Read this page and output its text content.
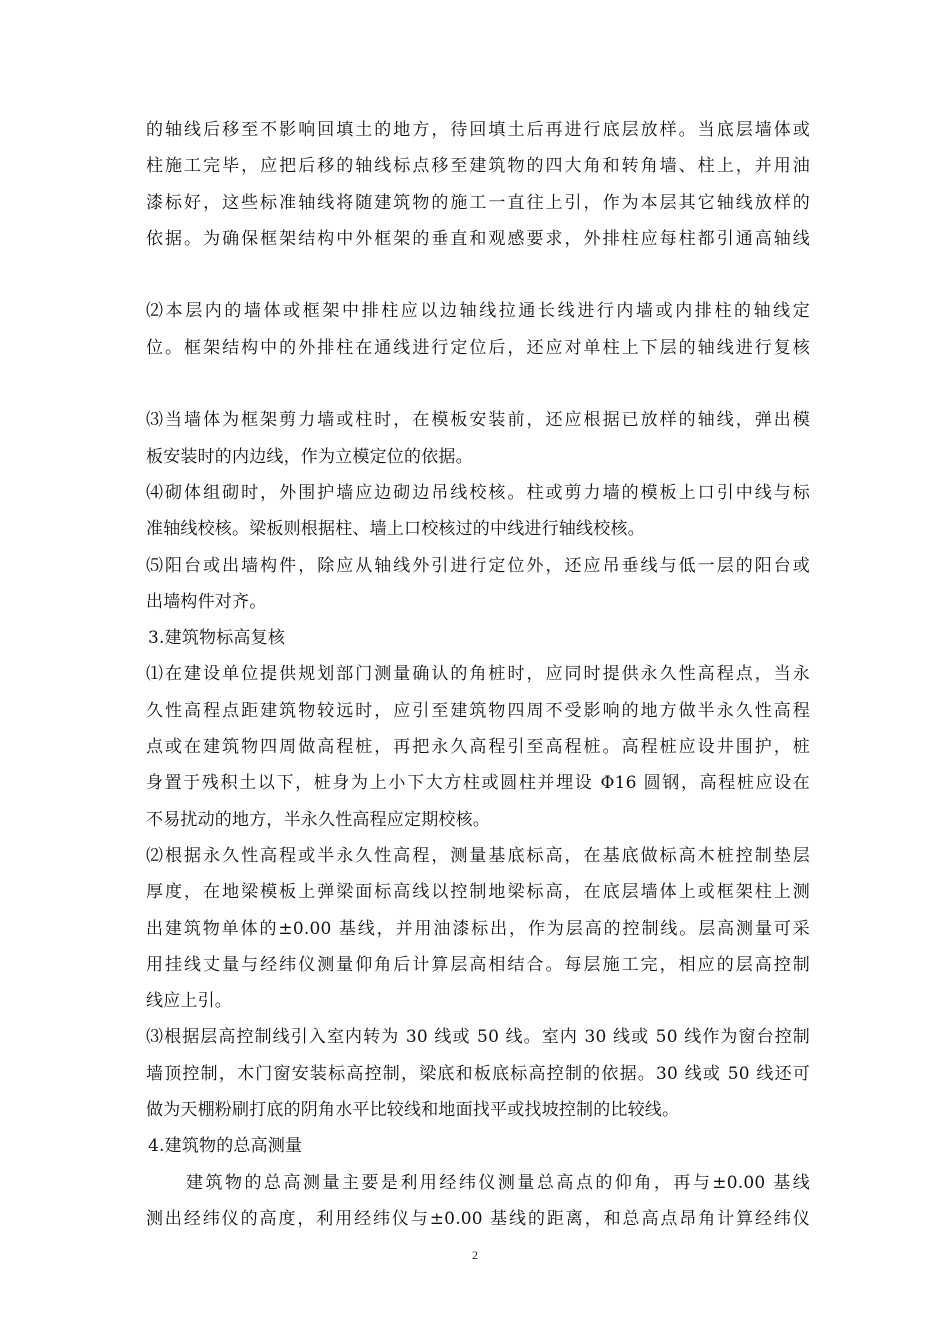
的轴线后移至不影响回填土的地方，待回填土后再进行底层放样。当底层墙体或
柱施工完毕，应把后移的轴线标点移至建筑物的四大角和转角墙、柱上，并用油
漆标好，这些标准轴线将随建筑物的施工一直往上引，作为本层其它轴线放样的
依据。为确保框架结构中外框架的垂直和观感要求，外排柱应每柱都引通高轴线
⑵本层内的墙体或框架中排柱应以边轴线拉通长线进行内墙或内排柱的轴线定
位。框架结构中的外排柱在通线进行定位后，还应对单柱上下层的轴线进行复核
⑶当墙体为框架剪力墙或柱时，在模板安装前，还应根据已放样的轴线，弹出模
板安装时的内边线，作为立模定位的依据。
⑷砌体组砌时，外围护墙应边砌边吊线校核。柱或剪力墙的模板上口引中线与标
准轴线校核。梁板则根据柱、墙上口校核过的中线进行轴线校核。
⑸阳台或出墙构件，除应从轴线外引进行定位外，还应吊垂线与低一层的阳台或
出墙构件对齐。
3.建筑物标高复核
⑴在建设单位提供规划部门测量确认的角桩时，应同时提供永久性高程点，当永
久性高程点距建筑物较远时，应引至建筑物四周不受影响的地方做半永久性高程
点或在建筑物四周做高程桩，再把永久高程引至高程桩。高程桩应设井围护，桩
身置于残积土以下，桩身为上小下大方柱或圆柱并埋设 Φ16 圆钢，高程桩应设在
不易扰动的地方，半永久性高程应定期校核。
⑵根据永久性高程或半永久性高程，测量基底标高，在基底做标高木桩控制垫层
厚度，在地梁模板上弹梁面标高线以控制地梁标高，在底层墙体上或框架柱上测
出建筑物单体的±0.00 基线，并用油漆标出，作为层高的控制线。层高测量可采
用挂线丈量与经纬仪测量仰角后计算层高相结合。每层施工完，相应的层高控制
线应上引。
⑶根据层高控制线引入室内转为 30 线或 50 线。室内 30 线或 50 线作为窗台控制
墙顶控制，木门窗安装标高控制，梁底和板底标高控制的依据。30 线或 50 线还可
做为天棚粉刷打底的阴角水平比较线和地面找平或找坡控制的比较线。
4.建筑物的总高测量
建筑物的总高测量主要是利用经纬仪测量总高点的仰角，再与±0.00 基线
测出经纬仪的高度，利用经纬仪与±0.00 基线的距离，和总高点昂角计算经纬仪
2
